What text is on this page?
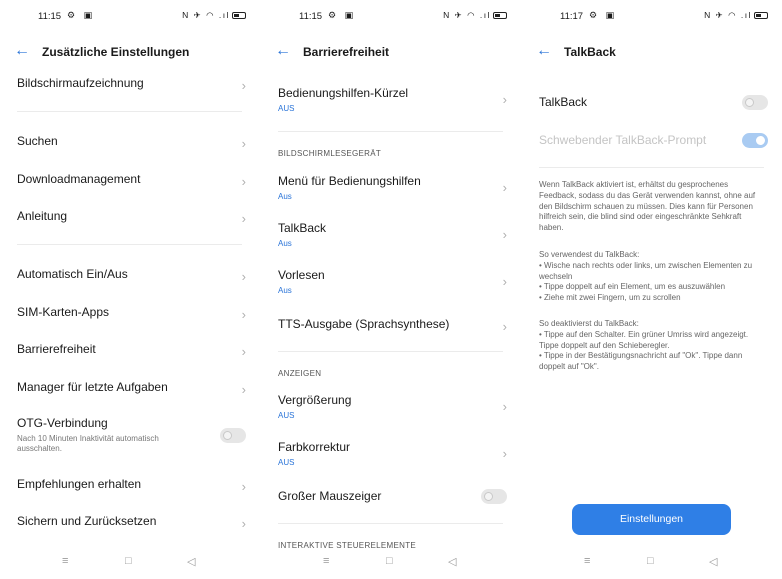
11:15 ⚙ ▣	N ✈ ◠ .ıl
← Zusätzliche Einstellungen
Bildschirmaufzeichnung	›
Suchen	›
Downloadmanagement	›
Anleitung	›
Automatisch Ein/Aus	›
SIM-Karten-Apps	›
Barrierefreiheit	›
Manager für letzte Aufgaben	›
OTG-Verbindung
Nach 10 Minuten Inaktivität automatisch ausschalten.
Empfehlungen erhalten	›
Sichern und Zurücksetzen	›
≡	□	◁
11:15 ⚙ ▣	N ✈ ◠ .ıl
← Barrierefreiheit
Bedienungshilfen-Kürzel
AUS
›
BILDSCHIRMLESEGERÄT
Menü für Bedienungshilfen
Aus
›
TalkBack
Aus
›
Vorlesen
Aus
›
TTS-Ausgabe (Sprachsynthese)	›
ANZEIGEN
Vergrößerung
AUS
›
Farbkorrektur
AUS
›
Großer Mauszeiger
INTERAKTIVE STEUERELEMENTE
≡	□	◁
11:17 ⚙ ▣	N ✈ ◠ .ıl
← TalkBack
TalkBack
Schwebender TalkBack-Prompt
Wenn TalkBack aktiviert ist, erhältst du gesprochenes Feedback, sodass du das Gerät verwenden kannst, ohne auf den Bildschirm schauen zu müssen. Dies kann für Personen hilfreich sein, die blind sind oder eingeschränkte Sehkraft haben.
So verwendest du TalkBack:
• Wische nach rechts oder links, um zwischen Elementen zu wechseln
• Tippe doppelt auf ein Element, um es auszuwählen
• Ziehe mit zwei Fingern, um zu scrollen
So deaktivierst du TalkBack:
• Tippe auf den Schalter. Ein grüner Umriss wird angezeigt. Tippe doppelt auf den Schieberegler.
• Tippe in der Bestätigungsnachricht auf "Ok". Tippe dann doppelt auf "Ok".
Einstellungen
≡	□	◁
